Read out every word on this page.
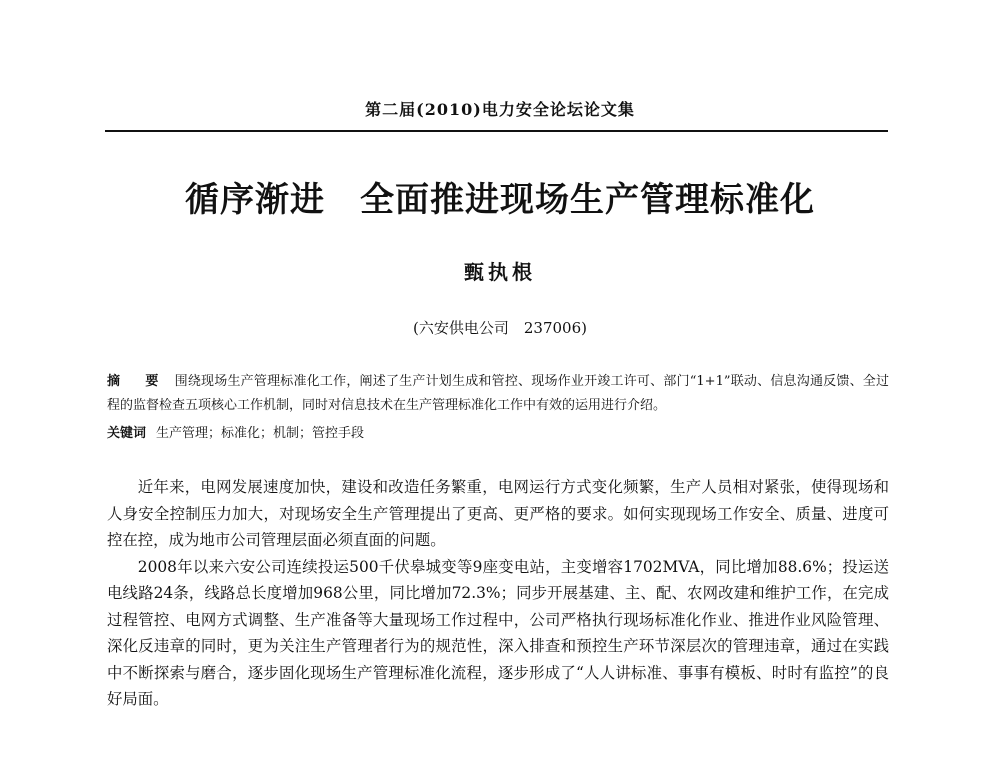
第二届(2010)电力安全论坛论文集
循序渐进　全面推进现场生产管理标准化
甄执根
(六安供电公司　237006)
摘　要 围绕现场生产管理标准化工作，阐述了生产计划生成和管控、现场作业开竣工许可、部门“1+1”联动、信息沟通反馈、全过程的监督检查五项核心工作机制，同时对信息技术在生产管理标准化工作中有效的运用进行介绍。
关键词 生产管理；标准化；机制；管控手段

近年来，电网发展速度加快，建设和改造任务繁重，电网运行方式变化频繁，生产人员相对紧张，使得现场和人身安全控制压力加大，对现场安全生产管理提出了更高、更严格的要求。如何实现现场工作安全、质量、进度可控在控，成为地市公司管理层面必须直面的问题。

2008年以来六安公司连续投运500千伏皋城变等9座变电站，主变增容1702MVA，同比增加88.6%；投运送电线路24条，线路总长度增加968公里，同比增加72.3%；同步开展基建、主、配、农网改建和维护工作，在完成过程管控、电网方式调整、生产准备等大量现场工作过程中，公司严格执行现场标准化作业、推进作业风险管理、深化反违章的同时，更为关注生产管理者行为的规范性，深入排查和预控生产环节深层次的管理违章，通过在实践中不断探索与磨合，逐步固化现场生产管理标准化流程，逐步形成了“人人讲标准、事事有模板、时时有监控”的良好局面。
